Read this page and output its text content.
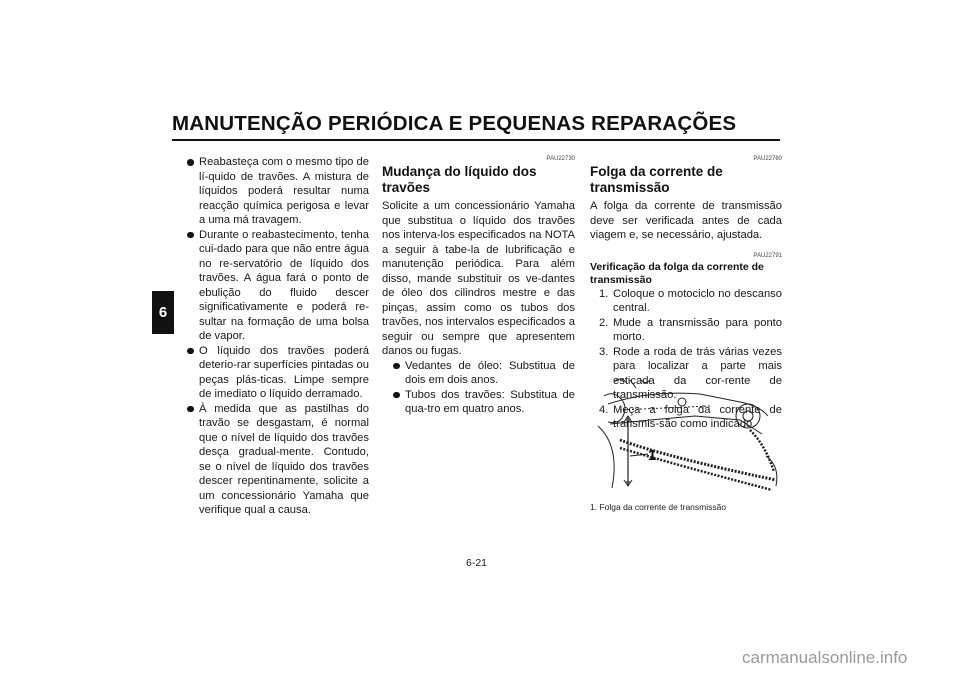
MANUTENÇÃO PERIÓDICA E PEQUENAS REPARAÇÕES
6
Reabasteça com o mesmo tipo de lí-quido de travões. A mistura de líquidos poderá resultar numa reacção química perigosa e levar a uma má travagem.
Durante o reabastecimento, tenha cui-dado para que não entre água no re-servatório de líquido dos travões. A água fará o ponto de ebulição do fluido descer significativamente e poderá re-sultar na formação de uma bolsa de vapor.
O líquido dos travões poderá deterio-rar superfícies pintadas ou peças plás-ticas. Limpe sempre de imediato o líquido derramado.
À medida que as pastilhas do travão se desgastam, é normal que o nível de líquido dos travões desça gradual-mente. Contudo, se o nível de líquido dos travões descer repentinamente, solicite a um concessionário Yamaha que verifique qual a causa.
PAU22730
Mudança do líquido dos travões

Solicite a um concessionário Yamaha que substitua o líquido dos travões nos interva-los especificados na NOTA a seguir à tabe-la de lubrificação e manutenção periódica. Para além disso, mande substituir os ve-dantes de óleo dos cilindros mestre e das pinças, assim como os tubos dos travões, nos intervalos especificados a seguir ou sempre que apresentem danos ou fugas.

Vedantes de óleo: Substitua de dois em dois anos.
Tubos dos travões: Substitua de qua-tro em quatro anos.
PAU22760
Folga da corrente de transmissão

A folga da corrente de transmissão deve ser verificada antes de cada viagem e, se necessário, ajustada.

PAU22791
Verificação da folga da corrente de transmissão
1. Coloque o motociclo no descanso central.
2. Mude a transmissão para ponto morto.
3. Rode a roda de trás várias vezes para localizar a parte mais esticada da cor-rente de transmissão.
4. Meça a folga da corrente de transmis-são como indicado.
1
1. Folga da corrente de transmissão
6-21
carmanualsonline.info
